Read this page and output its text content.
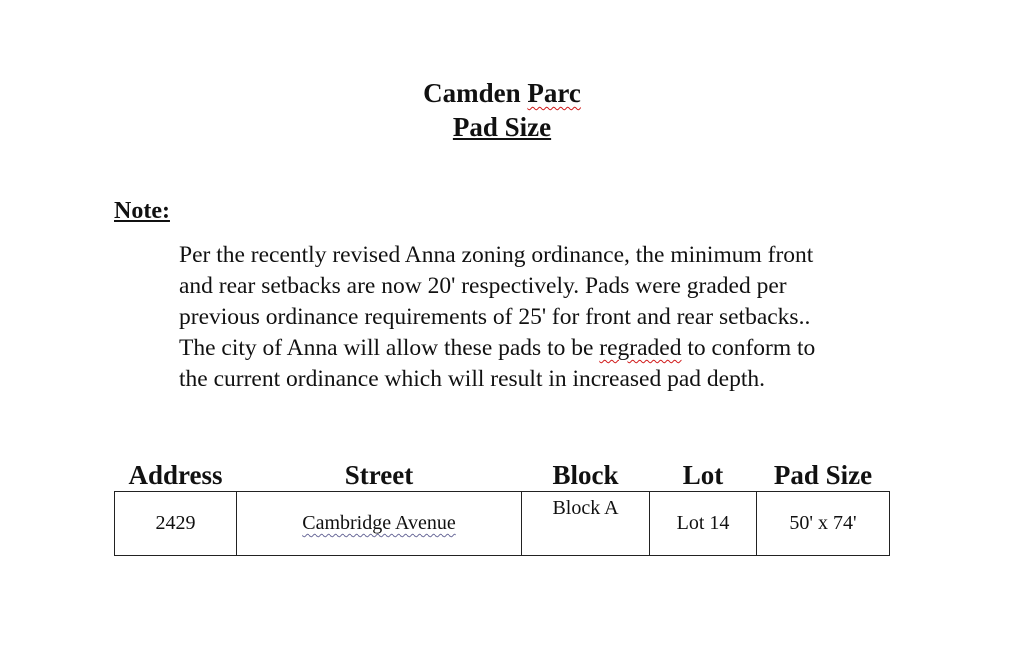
Camden Parc
Pad Size
Note:
Per the recently revised Anna zoning ordinance, the minimum front
and rear setbacks are now 20' respectively. Pads were graded per
previous ordinance requirements of 25' for front and rear setbacks..
The city of Anna will allow these pads to be regraded to conform to
the current ordinance which will result in increased pad depth.
Address	Street	Block	Lot	Pad Size
2429	Cambridge Avenue	Block A	Lot 14	50' x 74'
